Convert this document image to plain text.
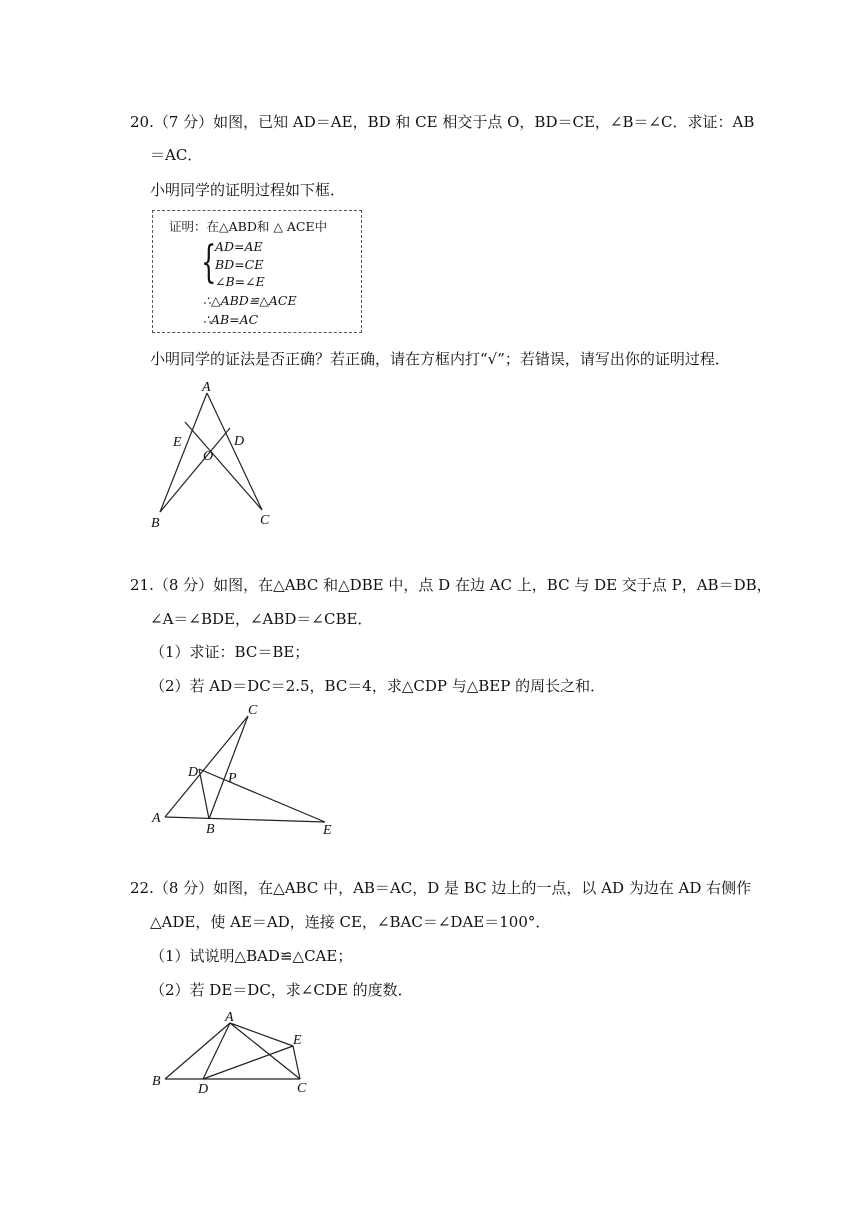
20.（7 分）如图，已知 AD＝AE，BD 和 CE 相交于点 O，BD＝CE，∠B＝∠C．求证：AB
＝AC．
小明同学的证明过程如下框．
证明：在△ABD和 △ ACE中
{
AD=AE
BD=CE
∠B=∠E
∴△ABD≌△ACE
∴AB=AC
小明同学的证法是否正确？若正确，请在方框内打“√”；若错误，请写出你的证明过程．
A
E	D
O
B	C
21.（8 分）如图，在△ABC 和△DBE 中，点 D 在边 AC 上，BC 与 DE 交于点 P，AB＝DB，
∠A＝∠BDE，∠ABD＝∠CBE．
（1）求证：BC＝BE；
（2）若 AD＝DC＝2.5，BC＝4，求△CDP 与△BEP 的周长之和．
C
D P
A
B	E
22.（8 分）如图，在△ABC 中，AB＝AC，D 是 BC 边上的一点，以 AD 为边在 AD 右侧作
△ADE，使 AE＝AD，连接 CE，∠BAC＝∠DAE＝100°．
（1）试说明△BAD≌△CAE；
（2）若 DE＝DC，求∠CDE 的度数．
A
E
B
D	C
